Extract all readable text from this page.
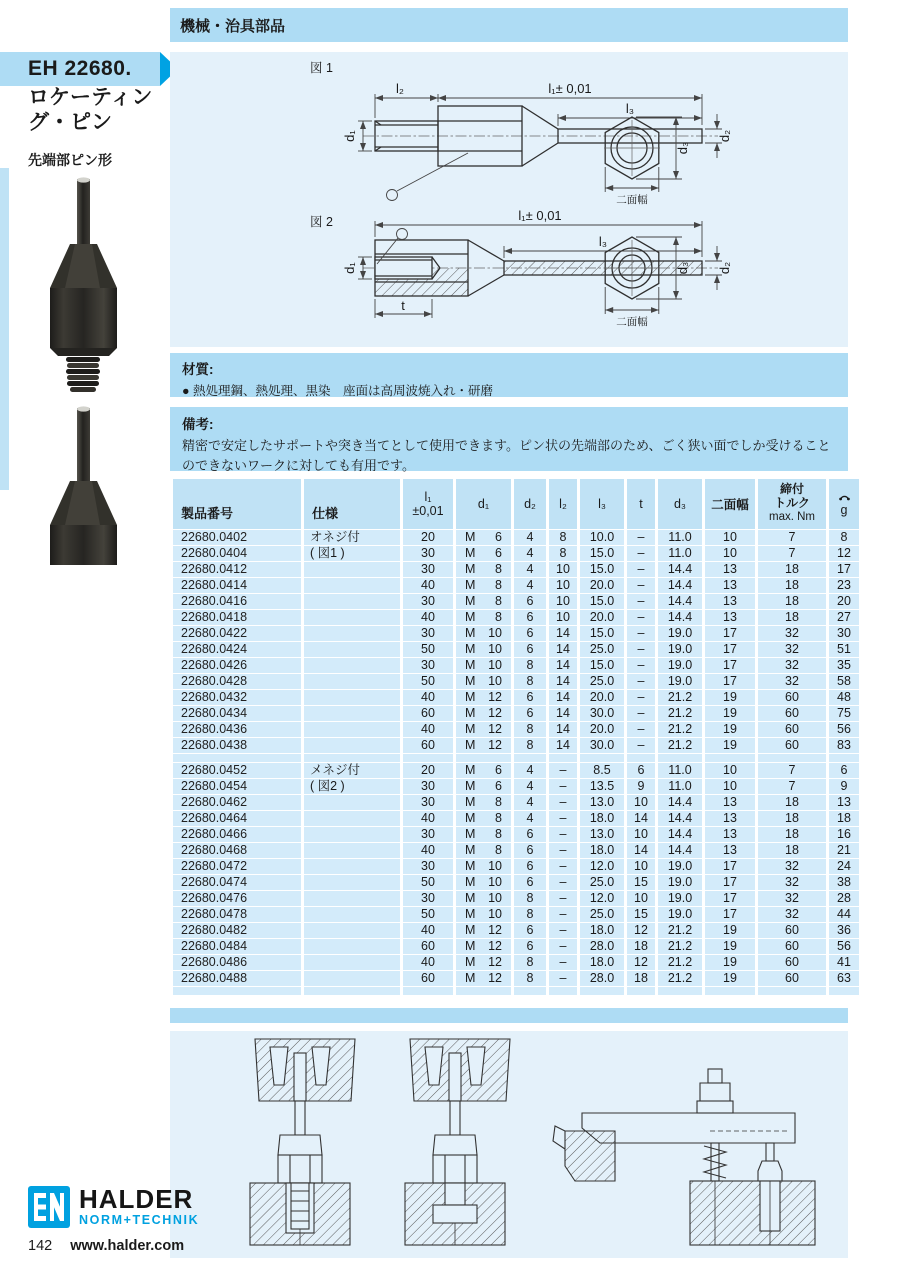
機械・治具部品
EH 22680.
ロケーティング・ピン
先端部ピン形
図 1
l₂	l₁± 0,01
l₃
d₁	d₂
d₃
二面幅
図 2	l₁± 0,01
l₃
d₁	d₂
t
d₃
二面幅
材質:
● 熱処理鋼、熱処理、黒染　座面は高周波焼入れ・研磨
備考:
精密で安定したサポートや突き当てとして使用できます。ピン状の先端部のため、ごく狭い面でしか受けることのできないワークに対しても有用です。
製品番号	仕様	
l₁
±0,01	d₁	d₂	l₂	l₃	t	d₃	二面幅	
締付
トルク
max. Nm	g

22680.0402	オネジ付	20	M 6	4	8	10.0	–	11.0	10	7	8
22680.0404	( 図1 )	30	M 6	4	8	15.0	–	11.0	10	7	12
22680.0412		30	M 8	4	10	15.0	–	14.4	13	18	17
22680.0414		40	M 8	4	10	20.0	–	14.4	13	18	23
22680.0416		30	M 8	6	10	15.0	–	14.4	13	18	20
22680.0418		40	M 8	6	10	20.0	–	14.4	13	18	27
22680.0422		30	M 10	6	14	15.0	–	19.0	17	32	30
22680.0424		50	M 10	6	14	25.0	–	19.0	17	32	51
22680.0426		30	M 10	8	14	15.0	–	19.0	17	32	35
22680.0428		50	M 10	8	14	25.0	–	19.0	17	32	58
22680.0432		40	M 12	6	14	20.0	–	21.2	19	60	48
22680.0434		60	M 12	6	14	30.0	–	21.2	19	60	75
22680.0436		40	M 12	8	14	20.0	–	21.2	19	60	56
22680.0438		60	M 12	8	14	30.0	–	21.2	19	60	83

22680.0452	メネジ付	20	M 6	4	–	8.5	6	11.0	10	7	6
22680.0454	( 図2 )	30	M 6	4	–	13.5	9	11.0	10	7	9
22680.0462		30	M 8	4	–	13.0	10	14.4	13	18	13
22680.0464		40	M 8	4	–	18.0	14	14.4	13	18	18
22680.0466		30	M 8	6	–	13.0	10	14.4	13	18	16
22680.0468		40	M 8	6	–	18.0	14	14.4	13	18	21
22680.0472		30	M 10	6	–	12.0	10	19.0	17	32	24
22680.0474		50	M 10	6	–	25.0	15	19.0	17	32	38
22680.0476		30	M 10	8	–	12.0	10	19.0	17	32	28
22680.0478		50	M 10	8	–	25.0	15	19.0	17	32	44
22680.0482		40	M 12	6	–	18.0	12	21.2	19	60	36
22680.0484		60	M 12	6	–	28.0	18	21.2	19	60	56
22680.0486		40	M 12	8	–	18.0	12	21.2	19	60	41
22680.0488		60	M 12	8	–	28.0	18	21.2	19	60	63

HALDER
NORM+TECHNIK
142 www.halder.com
